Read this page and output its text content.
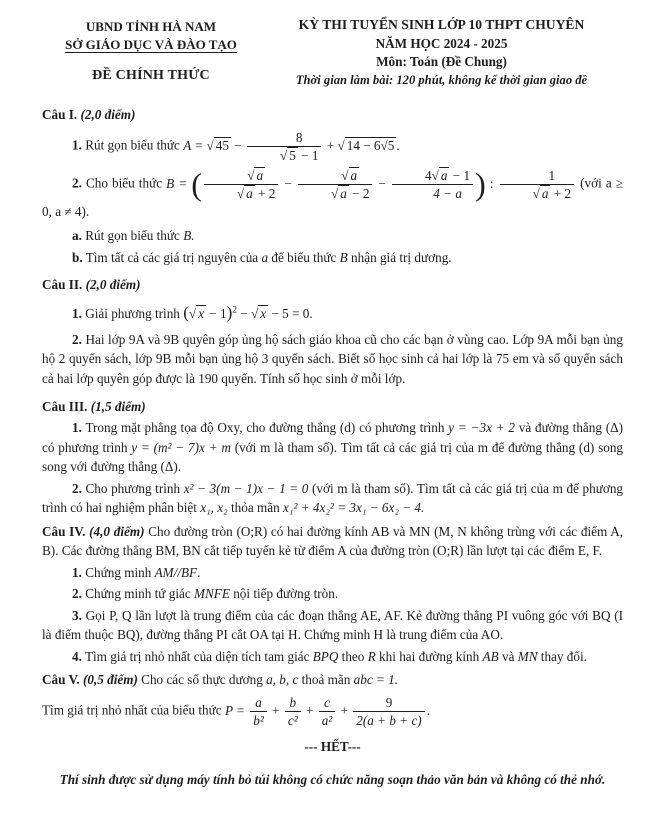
UBND TỈNH HÀ NAM
SỞ GIÁO DỤC VÀ ĐÀO TẠO
ĐỀ CHÍNH THỨC
KỲ THI TUYỂN SINH LỚP 10 THPT CHUYÊN
NĂM HỌC 2024 - 2025
Môn: Toán (Đề Chung)
Thời gian làm bài: 120 phút, không kể thời gian giao đề

Câu I. (2,0 điểm)

1. Rút gọn biểu thức A = √ $45 - \frac{8}{√ 5 - 1}$ + √ 14 − 6√5 .

2. Cho biểu thức B = ( $\frac{√ a}{√ a + 2} - \frac{√ a}{√ a - 2} - \frac{4√ a - 1}{4 - a}$ ) : $\frac{1}{√ a + 2}$ (với a ≥ 0, a ≠ 4).

a. Rút gọn biểu thức B.

b. Tìm tất cả các giá trị nguyên của a để biểu thức B nhận giá trị dương.

Câu II. (2,0 điểm)

1. Giải phương trình (√ x − 1)$^2$ − √ x − 5 = 0.

2. Hai lớp 9A và 9B quyên góp ủng hộ sách giáo khoa cũ cho các bạn ở vùng cao. Lớp 9A mỗi bạn ủng hộ 2 quyển sách, lớp 9B mỗi bạn ủng hộ 3 quyển sách. Biết số học sinh cả hai lớp là 75 em và số quyển sách cả hai lớp quyên góp được là 190 quyển. Tính số học sinh ở mỗi lớp.

Câu III. (1,5 điểm)

1. Trong mặt phẳng tọa độ Oxy, cho đường thẳng (d) có phương trình y = −3x + 2 và đường thẳng (Δ) có phương trình y = (m² − 7)x + m (với m là tham số). Tìm tất cả các giá trị của m để đường thẳng (d) song song với đường thẳng (Δ).

2. Cho phương trình x² − 3(m − 1)x − 1 = 0 (với m là tham số). Tìm tất cả các giá trị của m để phương trình có hai nghiệm phân biệt x₁, x₂ thỏa mãn x₁² + 4x₂² = 3x₁ − 6x₂ − 4.

Câu IV. (4,0 điểm) Cho đường tròn (O;R) có hai đường kính AB và MN (M, N không trùng với các điểm A, B). Các đường thẳng BM, BN cắt tiếp tuyến kẻ từ điểm A của đường tròn (O;R) lần lượt tại các điểm E, F.

1. Chứng minh AM//BF.

2. Chứng minh tứ giác MNFE nội tiếp đường tròn.

3. Gọi P, Q lần lượt là trung điểm của các đoạn thẳng AE, AF. Kẻ đường thẳng PI vuông góc với BQ (I là điểm thuộc BQ), đường thẳng PI cắt OA tại H. Chứng minh H là trung điểm của AO.

4. Tìm giá trị nhỏ nhất của diện tích tam giác BPQ theo R khi hai đường kính AB và MN thay đổi.

Câu V. (0,5 điểm) Cho các số thực dương a, b, c thoả mãn abc = 1.

Tìm giá trị nhỏ nhất của biểu thức $P = \frac{a}{\text{b²}} + \frac{b}{\text{c²}} + \frac{c}{\text{a²}} + \frac{9}{2(a + b + c)}$ .

--- HẾT---

Thí sinh được sử dụng máy tính bỏ túi không có chức năng soạn thảo văn bản và không có thẻ nhớ.
